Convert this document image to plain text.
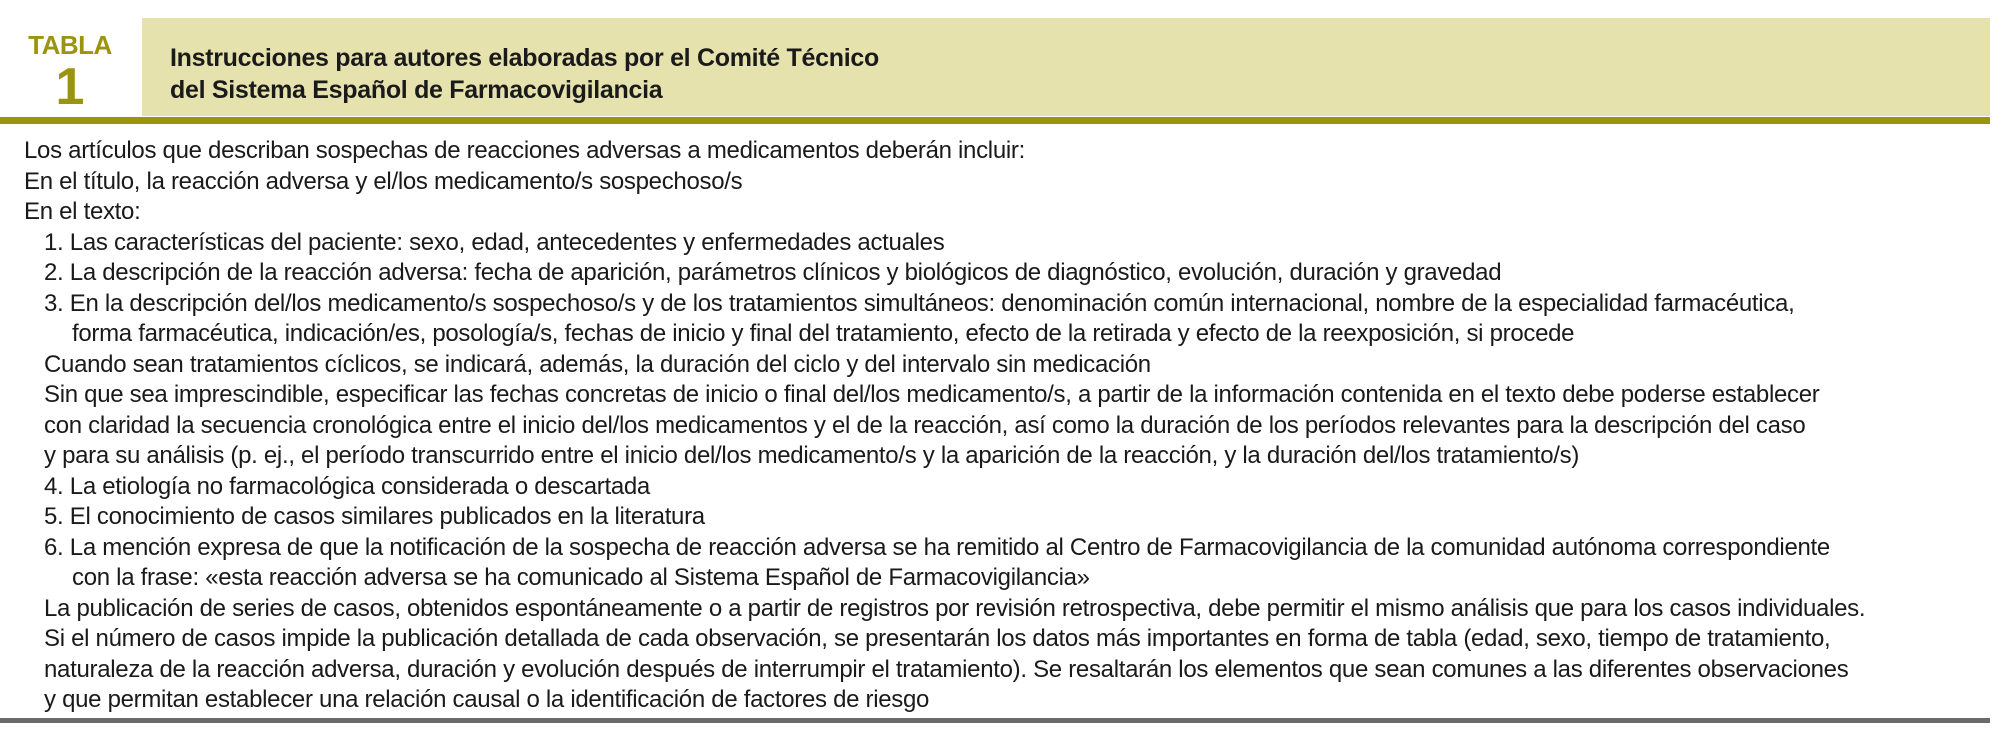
TABLA
1	Instrucciones para autores elaboradas por el Comité Técnico
del Sistema Español de Farmacovigilancia
Los artículos que describan sospechas de reacciones adversas a medicamentos deberán incluir:
En el título, la reacción adversa y el/los medicamento/s sospechoso/s
En el texto:
1. Las características del paciente: sexo, edad, antecedentes y enfermedades actuales
2. La descripción de la reacción adversa: fecha de aparición, parámetros clínicos y biológicos de diagnóstico, evolución, duración y gravedad
3. En la descripción del/los medicamento/s sospechoso/s y de los tratamientos simultáneos: denominación común internacional, nombre de la especialidad farmacéutica,
forma farmacéutica, indicación/es, posología/s, fechas de inicio y final del tratamiento, efecto de la retirada y efecto de la reexposición, si procede
Cuando sean tratamientos cíclicos, se indicará, además, la duración del ciclo y del intervalo sin medicación
Sin que sea imprescindible, especificar las fechas concretas de inicio o final del/los medicamento/s, a partir de la información contenida en el texto debe poderse establecer
con claridad la secuencia cronológica entre el inicio del/los medicamentos y el de la reacción, así como la duración de los períodos relevantes para la descripción del caso
y para su análisis (p. ej., el período transcurrido entre el inicio del/los medicamento/s y la aparición de la reacción, y la duración del/los tratamiento/s)
4. La etiología no farmacológica considerada o descartada
5. El conocimiento de casos similares publicados en la literatura
6. La mención expresa de que la notificación de la sospecha de reacción adversa se ha remitido al Centro de Farmacovigilancia de la comunidad autónoma correspondiente
con la frase: «esta reacción adversa se ha comunicado al Sistema Español de Farmacovigilancia»
La publicación de series de casos, obtenidos espontáneamente o a partir de registros por revisión retrospectiva, debe permitir el mismo análisis que para los casos individuales.
Si el número de casos impide la publicación detallada de cada observación, se presentarán los datos más importantes en forma de tabla (edad, sexo, tiempo de tratamiento,
naturaleza de la reacción adversa, duración y evolución después de interrumpir el tratamiento). Se resaltarán los elementos que sean comunes a las diferentes observaciones
y que permitan establecer una relación causal o la identificación de factores de riesgo
